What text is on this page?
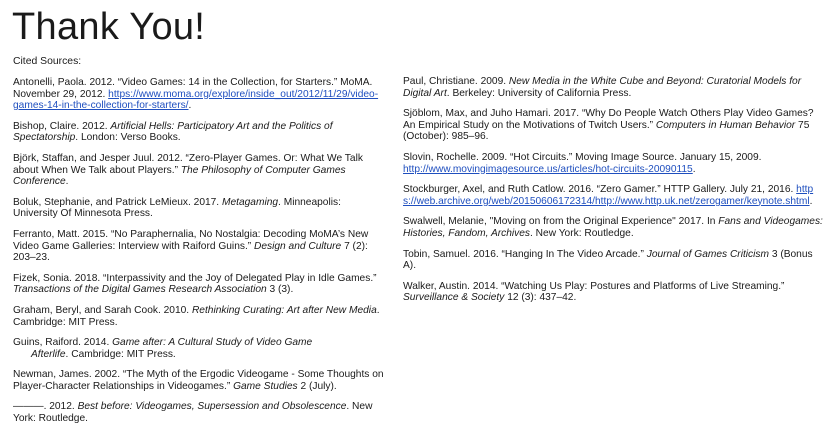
Thank You!
Cited Sources:

Antonelli, Paola. 2012. “Video Games: 14 in the Collection, for Starters.” MoMA. November 29, 2012. https://www.moma.org/explore/inside_out/2012/11/29/video-games-14-in-the-collection-for-starters/.

Bishop, Claire. 2012. Artificial Hells: Participatory Art and the Politics of Spectatorship. London: Verso Books.

Björk, Staffan, and Jesper Juul. 2012. “Zero-Player Games. Or: What We Talk about When We Talk about Players.” The Philosophy of Computer Games Conference.

Boluk, Stephanie, and Patrick LeMieux. 2017. Metagaming. Minneapolis: University Of Minnesota Press.

Ferranto, Matt. 2015. “No Paraphernalia, No Nostalgia: Decoding MoMA’s New Video Game Galleries: Interview with Raiford Guins.” Design and Culture 7 (2): 203–23.

Fizek, Sonia. 2018. “Interpassivity and the Joy of Delegated Play in Idle Games.” Transactions of the Digital Games Research Association 3 (3).

Graham, Beryl, and Sarah Cook. 2010. Rethinking Curating: Art after New Media. Cambridge: MIT Press.

Guins, Raiford. 2014. Game after: A Cultural Study of Video Game
Afterlife. Cambridge: MIT Press.

Newman, James. 2002. “The Myth of the Ergodic Videogame - Some Thoughts on Player-Character Relationships in Videogames.” Game Studies 2 (July).

———. 2012. Best before: Videogames, Supersession and Obsolescence. New York: Routledge.

Paul, Christiane. 2009. New Media in the White Cube and Beyond: Curatorial Models for Digital Art. Berkeley: University of California Press.

Sjöblom, Max, and Juho Hamari. 2017. “Why Do People Watch Others Play Video Games? An Empirical Study on the Motivations of Twitch Users.” Computers in Human Behavior 75 (October): 985–96.

Slovin, Rochelle. 2009. “Hot Circuits.” Moving Image Source. January 15, 2009. http://www.movingimagesource.us/articles/hot-circuits-20090115.

Stockburger, Axel, and Ruth Catlow. 2016. “Zero Gamer.” HTTP Gallery. July 21, 2016. https://web.archive.org/web/20150606172314/http://www.http.uk.net/zerogamer/keynote.shtml.

Swalwell, Melanie, "Moving on from the Original Experience" 2017. In Fans and Videogames: Histories, Fandom, Archives. New York: Routledge.

Tobin, Samuel. 2016. “Hanging In The Video Arcade.” Journal of Games Criticism 3 (Bonus A).

Walker, Austin. 2014. “Watching Us Play: Postures and Platforms of Live Streaming.” Surveillance & Society 12 (3): 437–42.
